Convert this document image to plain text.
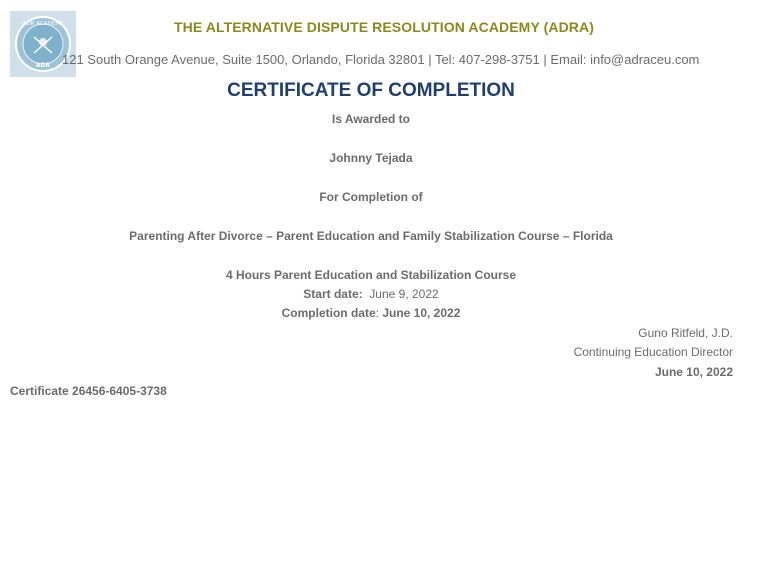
ADR ACADEMY
ADR
THE ALTERNATIVE DISPUTE RESOLUTION ACADEMY (ADRA)
121 South Orange Avenue, Suite 1500, Orlando, Florida 32801 | Tel: 407-298-3751 | Email: info@adraceu.com
CERTIFICATE OF COMPLETION
Is Awarded to
Johnny Tejada
For Completion of
Parenting After Divorce – Parent Education and Family Stabilization Course – Florida
4 Hours Parent Education and Stabilization Course
Start date: June 9, 2022
Completion date: June 10, 2022
Guno Ritfeld, J.D.
Continuing Education Director
June 10, 2022
Certificate 26456-6405-3738
